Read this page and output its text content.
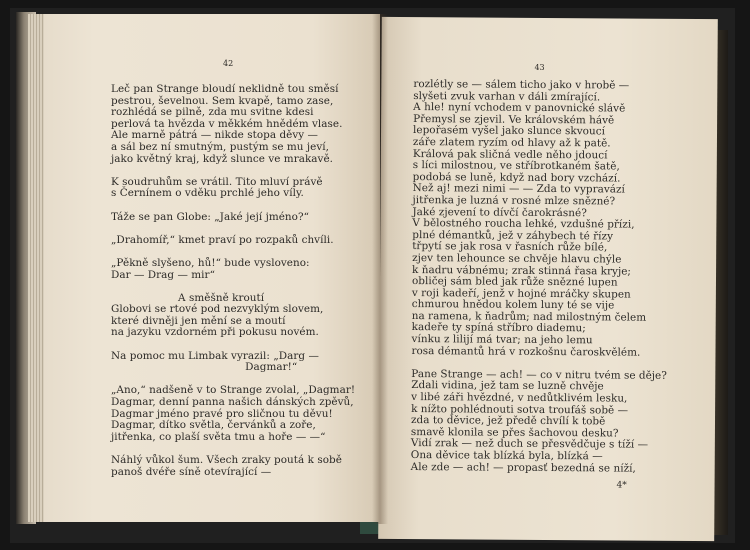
42
Leč pan Strange bloudí neklidně tou směsí
pestrou, ševelnou. Sem kvapě, tamo zase,
rozhlédá se pilně, zda mu svitne kdesi
perlová ta hvězda v měkkém hnědém vlase.
Ale marně pátrá — nikde stopa děvy —
a sál bez ní smutným, pustým se mu jeví,
jako květný kraj, když slunce ve mrakavě.
K soudruhům se vrátil. Tito mluví právě
s Černínem o vděku prchlé jeho víly.
Táže se pan Globe: „Jaké její jméno?“
„Drahomíř,“ kmet praví po rozpaků chvíli.
„Pěkně slyšeno, hů!“ bude vysloveno:
Dar — Drag — mir“
A směšně kroutí
Globovi se rtové pod nezvyklým slovem,
které divněji jen mění se a moutí
na jazyku vzdorném při pokusu novém.
Na pomoc mu Limbak vyrazil: „Darg —
Dagmar!“
„Ano,“ nadšeně v to Strange zvolal, „Dagmar!
Dagmar, denní panna našich dánských zpěvů,
Dagmar jméno pravé pro sličnou tu děvu!
Dagmar, dítko světla, červánků a zoře,
jitřenka, co plaší světa tmu a hoře — —“
Náhlý vůkol šum. Všech zraky poutá k sobě
panoš dvéře síně otevírající —
43
rozlétly se — sálem ticho jako v hrobě —
slyšeti zvuk varhan v dáli zmírající.
A hle! nyní vchodem v panovnické slávě
Přemysl se zjevil. Ve královském hávě
lepořasém vyšel jako slunce skvoucí
záře zlatem ryzím od hlavy až k patě.
Králová pak sličná vedle něho jdoucí
s líci milostnou, ve stříbrotkaném šatě,
podobá se luně, když nad bory vzchází.
Než aj! mezi nimi — — Zda to vypravází
jitřenka je luzná v rosné mlze snězné?
Jaké zjevení to dívčí čarokrásné?
V bělostného roucha lehké, vzdušné přízi,
plné démantků, jež v záhybech té řízy
třpytí se jak rosa v řasních růže bílé,
zjev ten lehounce se chvěje hlavu chýle
k ňadru vábnému; zrak stinná řasa kryje;
obličej sám bled jak růže snězné lupen
v roji kadeří, jenž v hojné mráčky skupen
chmurou hnědou kolem luny té se vije
na ramena, k ňadrům; nad milostným čelem
kadeře ty spíná stříbro diademu;
vínku z lilijí má tvar; na jeho lemu
rosa démantů hrá v rozkošnu čaroskvělém.
Pane Strange — ach! — co v nitru tvém se děje?
Zdali vidina, jež tam se luzně chvěje
v libé záři hvězdné, v nedůtklivém lesku,
k nížto pohlédnouti sotva troufáš sobě —
zda to děvice, jež předě chvílí k tobě
smavě klonila se přes šachovou desku?
Vidí zrak — než duch se přesvědčuje s tíží —
Ona děvice tak blízká byla, blízká —
Ale zde — ach! — propasť bezedná se níží,
4*
